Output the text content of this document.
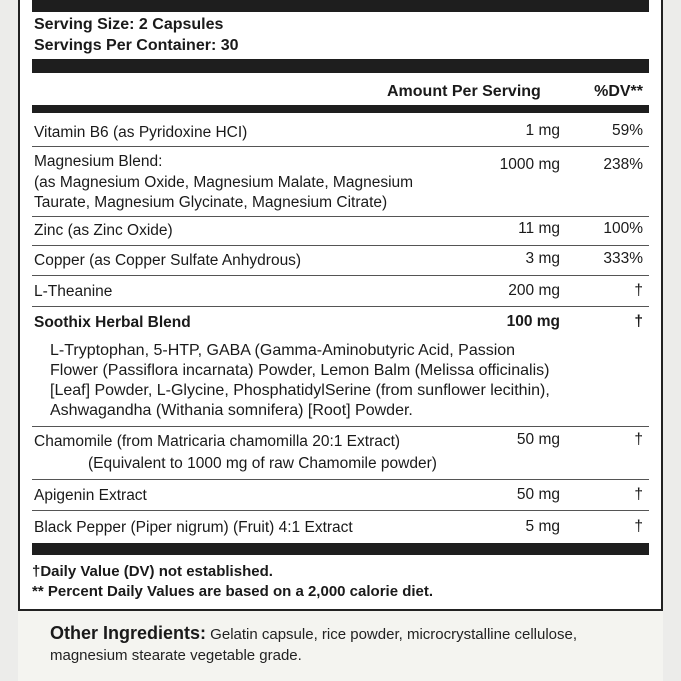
Serving Size: 2 Capsules
Servings Per Container: 30
Amount Per Serving	%DV**
Vitamin B6 (as Pyridoxine HCI)	1 mg	59%
Magnesium Blend:
(as Magnesium Oxide, Magnesium Malate, Magnesium
Taurate, Magnesium Glycinate, Magnesium Citrate)
1000 mg	238%
Zinc (as Zinc Oxide)	11 mg	100%
Copper (as Copper Sulfate Anhydrous)	3 mg	333%
L-Theanine	200 mg	†
Soothix Herbal Blend	100 mg	†
L-Tryptophan, 5-HTP, GABA (Gamma-Aminobutyric Acid, Passion
Flower (Passiflora incarnata) Powder, Lemon Balm (Melissa officinalis)
[Leaf] Powder, L-Glycine, PhosphatidylSerine (from sunflower lecithin),
Ashwagandha (Withania somnifera) [Root] Powder.
Chamomile (from Matricaria chamomilla 20:1 Extract)
(Equivalent to 1000 mg of raw Chamomile powder)
50 mg	†
Apigenin Extract	50 mg	†
Black Pepper (Piper nigrum) (Fruit) 4:1 Extract	5 mg	†
†Daily Value (DV) not established.
** Percent Daily Values are based on a 2,000 calorie diet.
Other Ingredients: Gelatin capsule, rice powder, microcrystalline cellulose, magnesium stearate vegetable grade.
